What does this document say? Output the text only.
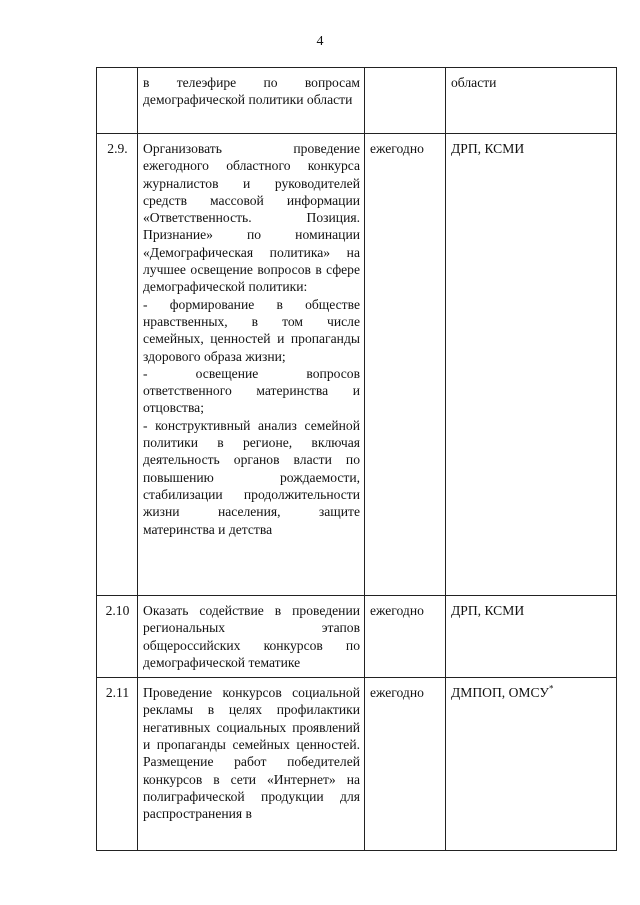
4

	в телеэфире по вопросам демографической политики области		области
2.9.	Организовать проведение ежегодного областного конкурса журналистов и руководителей средств массовой информации «Ответственность. Позиция. Признание» по номинации «Демографическая политика» на лучшее освещение вопросов в сфере демографической политики:

- формирование в обществе нравственных, в том числе семейных, ценностей и пропаганды здорового образа жизни;

- освещение вопросов ответственного материнства и отцовства;

- конструктивный анализ семейной политики в регионе, включая деятельность органов власти по повышению рождаемости, стабилизации продолжительности жизни населения, защите материнства и детства	ежегодно	ДРП, КСМИ
2.10	Оказать содействие в проведении региональных этапов общероссийских конкурсов по демографической тематике	ежегодно	ДРП, КСМИ
2.11	Проведение конкурсов социальной рекламы в целях профилактики негативных социальных проявлений и пропаганды семейных ценностей. Размещение работ победителей конкурсов в сети «Интернет» на полиграфической продукции для распространения в	ежегодно	ДМПОП, ОМСУ*
